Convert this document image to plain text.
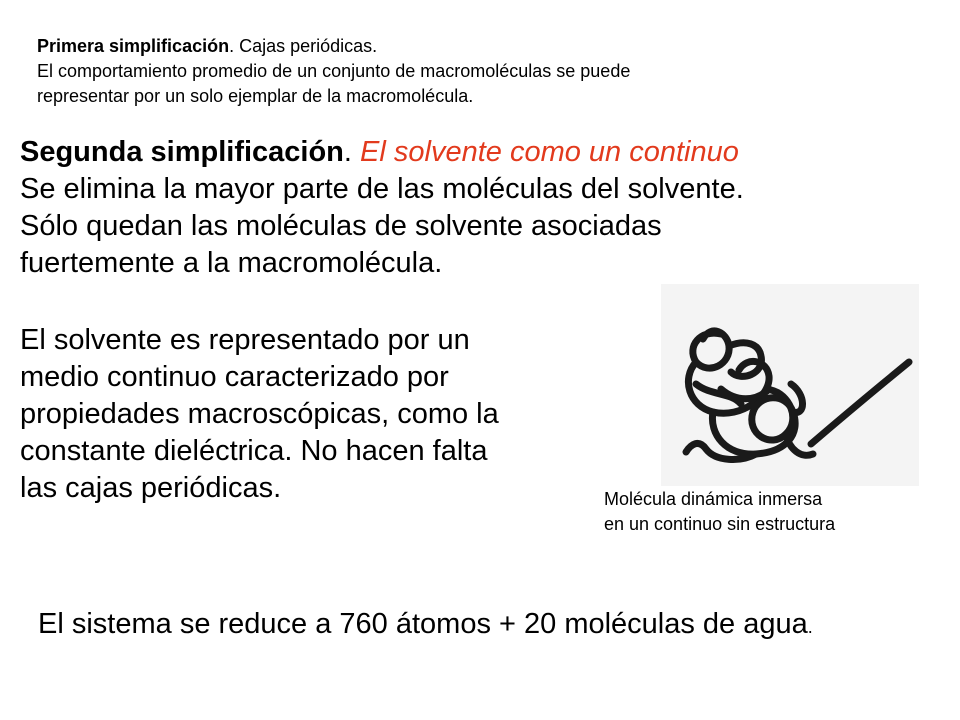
Primera simplificación. Cajas periódicas.
El comportamiento promedio de un conjunto de macromoléculas se puede
representar por un solo ejemplar de la macromolécula.
Segunda simplificación. El solvente como un continuo
Se elimina la mayor parte de las moléculas del solvente.
Sólo quedan las moléculas de solvente asociadas
fuertemente a la macromolécula.
El solvente es representado por un
medio continuo caracterizado por
propiedades macroscópicas, como la
constante dieléctrica. No hacen falta
las cajas periódicas.	Molécula dinámica inmersa
en un continuo sin estructura
El sistema se reduce a 760 átomos + 20 moléculas de agua.
